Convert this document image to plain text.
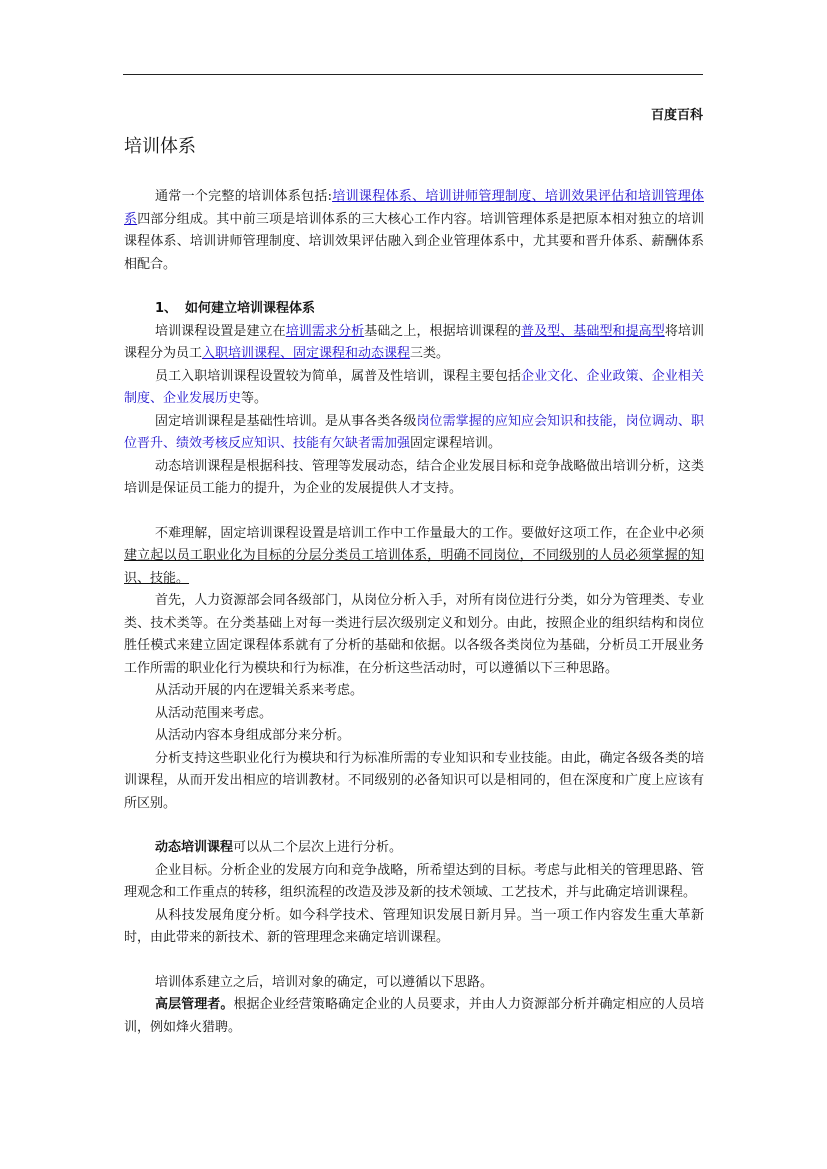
百度百科
培训体系

通常一个完整的培训体系包括:培训课程体系、培训讲师管理制度、培训效果评估和培训管理体系四部分组成。其中前三项是培训体系的三大核心工作内容。培训管理体系是把原本相对独立的培训课程体系、培训讲师管理制度、培训效果评估融入到企业管理体系中，尤其要和晋升体系、薪酬体系相配合。

1、 如何建立培训课程体系

培训课程设置是建立在培训需求分析基础之上，根据培训课程的普及型、基础型和提高型将培训课程分为员工入职培训课程、固定课程和动态课程三类。

员工入职培训课程设置较为简单，属普及性培训，课程主要包括企业文化、企业政策、企业相关制度、企业发展历史等。

固定培训课程是基础性培训。是从事各类各级岗位需掌握的应知应会知识和技能，岗位调动、职位晋升、绩效考核反应知识、技能有欠缺者需加强固定课程培训。

动态培训课程是根据科技、管理等发展动态，结合企业发展目标和竞争战略做出培训分析，这类培训是保证员工能力的提升，为企业的发展提供人才支持。

不难理解，固定培训课程设置是培训工作中工作量最大的工作。要做好这项工作，在企业中必须建立起以员工职业化为目标的分层分类员工培训体系，明确不同岗位，不同级别的人员必须掌握的知识、技能。

首先，人力资源部会同各级部门，从岗位分析入手，对所有岗位进行分类，如分为管理类、专业类、技术类等。在分类基础上对每一类进行层次级别定义和划分。由此，按照企业的组织结构和岗位胜任模式来建立固定课程体系就有了分析的基础和依据。以各级各类岗位为基础，分析员工开展业务工作所需的职业化行为模块和行为标准，在分析这些活动时，可以遵循以下三种思路。

从活动开展的内在逻辑关系来考虑。

从活动范围来考虑。

从活动内容本身组成部分来分析。

分析支持这些职业化行为模块和行为标准所需的专业知识和专业技能。由此，确定各级各类的培训课程，从而开发出相应的培训教材。不同级别的必备知识可以是相同的，但在深度和广度上应该有所区别。

动态培训课程可以从二个层次上进行分析。

企业目标。分析企业的发展方向和竞争战略，所希望达到的目标。考虑与此相关的管理思路、管理观念和工作重点的转移，组织流程的改造及涉及新的技术领域、工艺技术，并与此确定培训课程。

从科技发展角度分析。如今科学技术、管理知识发展日新月异。当一项工作内容发生重大革新时，由此带来的新技术、新的管理理念来确定培训课程。

培训体系建立之后，培训对象的确定，可以遵循以下思路。

高层管理者。根据企业经营策略确定企业的人员要求，并由人力资源部分析并确定相应的人员培训，例如烽火猎聘。
